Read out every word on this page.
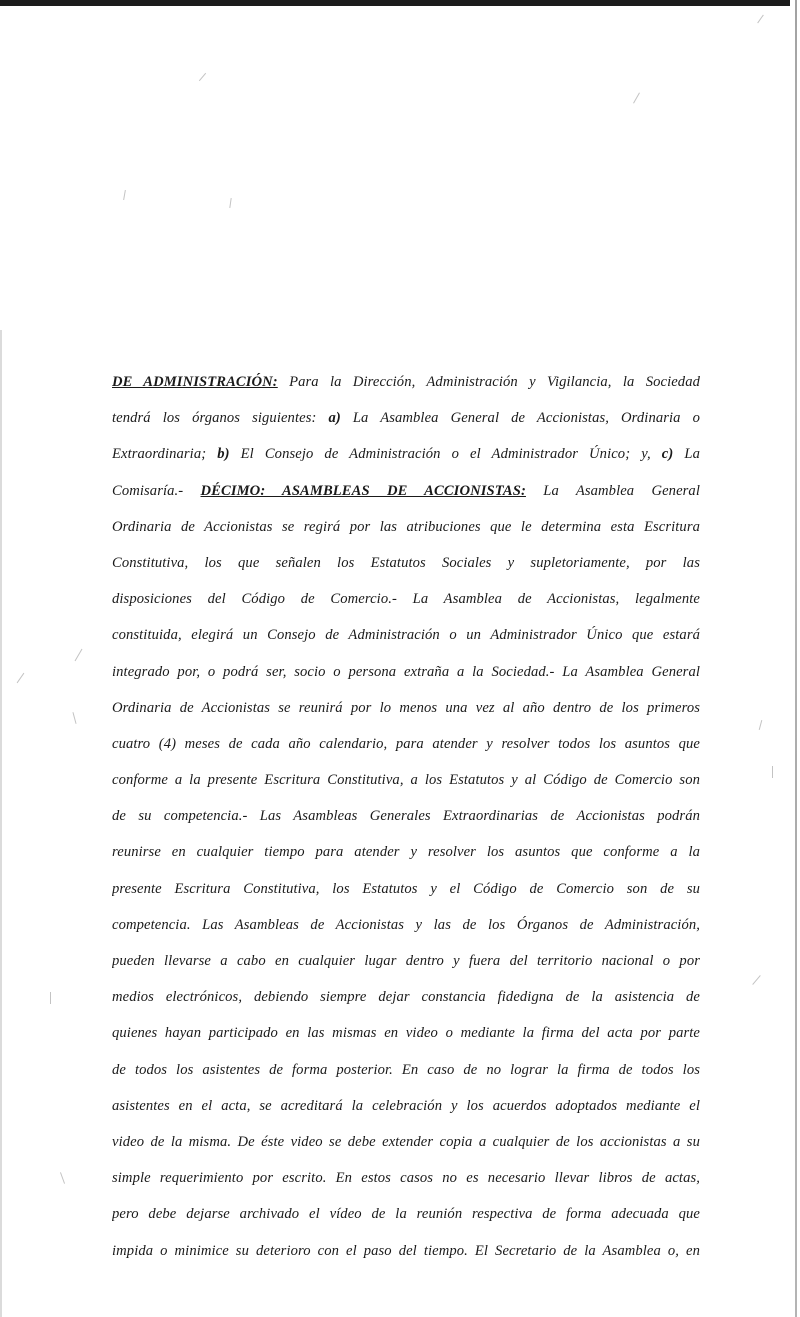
DE ADMINISTRACIÓN: Para la Dirección, Administración y Vigilancia, la Sociedad
tendrá los órganos siguientes: a) La Asamblea General de Accionistas, Ordinaria o
Extraordinaria; b) El Consejo de Administración o el Administrador Único; y, c) La
Comisaría.- DÉCIMO: ASAMBLEAS DE ACCIONISTAS: La Asamblea General
Ordinaria de Accionistas se regirá por las atribuciones que le determina esta Escritura
Constitutiva, los que señalen los Estatutos Sociales y supletoriamente, por las
disposiciones del Código de Comercio.- La Asamblea de Accionistas, legalmente
constituida, elegirá un Consejo de Administración o un Administrador Único que estará
integrado por, o podrá ser, socio o persona extraña a la Sociedad.- La Asamblea General
Ordinaria de Accionistas se reunirá por lo menos una vez al año dentro de los primeros
cuatro (4) meses de cada año calendario, para atender y resolver todos los asuntos que
conforme a la presente Escritura Constitutiva, a los Estatutos y al Código de Comercio son
de su competencia.- Las Asambleas Generales Extraordinarias de Accionistas podrán
reunirse en cualquier tiempo para atender y resolver los asuntos que conforme a la
presente Escritura Constitutiva, los Estatutos y el Código de Comercio son de su
competencia. Las Asambleas de Accionistas y las de los Órganos de Administración,
pueden llevarse a cabo en cualquier lugar dentro y fuera del territorio nacional o por
medios electrónicos, debiendo siempre dejar constancia fidedigna de la asistencia de
quienes hayan participado en las mismas en video o mediante la firma del acta por parte
de todos los asistentes de forma posterior. En caso de no lograr la firma de todos los
asistentes en el acta, se acreditará la celebración y los acuerdos adoptados mediante el
video de la misma. De éste video se debe extender copia a cualquier de los accionistas a su
simple requerimiento por escrito. En estos casos no es necesario llevar libros de actas,
pero debe dejarse archivado el vídeo de la reunión respectiva de forma adecuada que
impida o minimice su deterioro con el paso del tiempo. El Secretario de la Asamblea o, en
